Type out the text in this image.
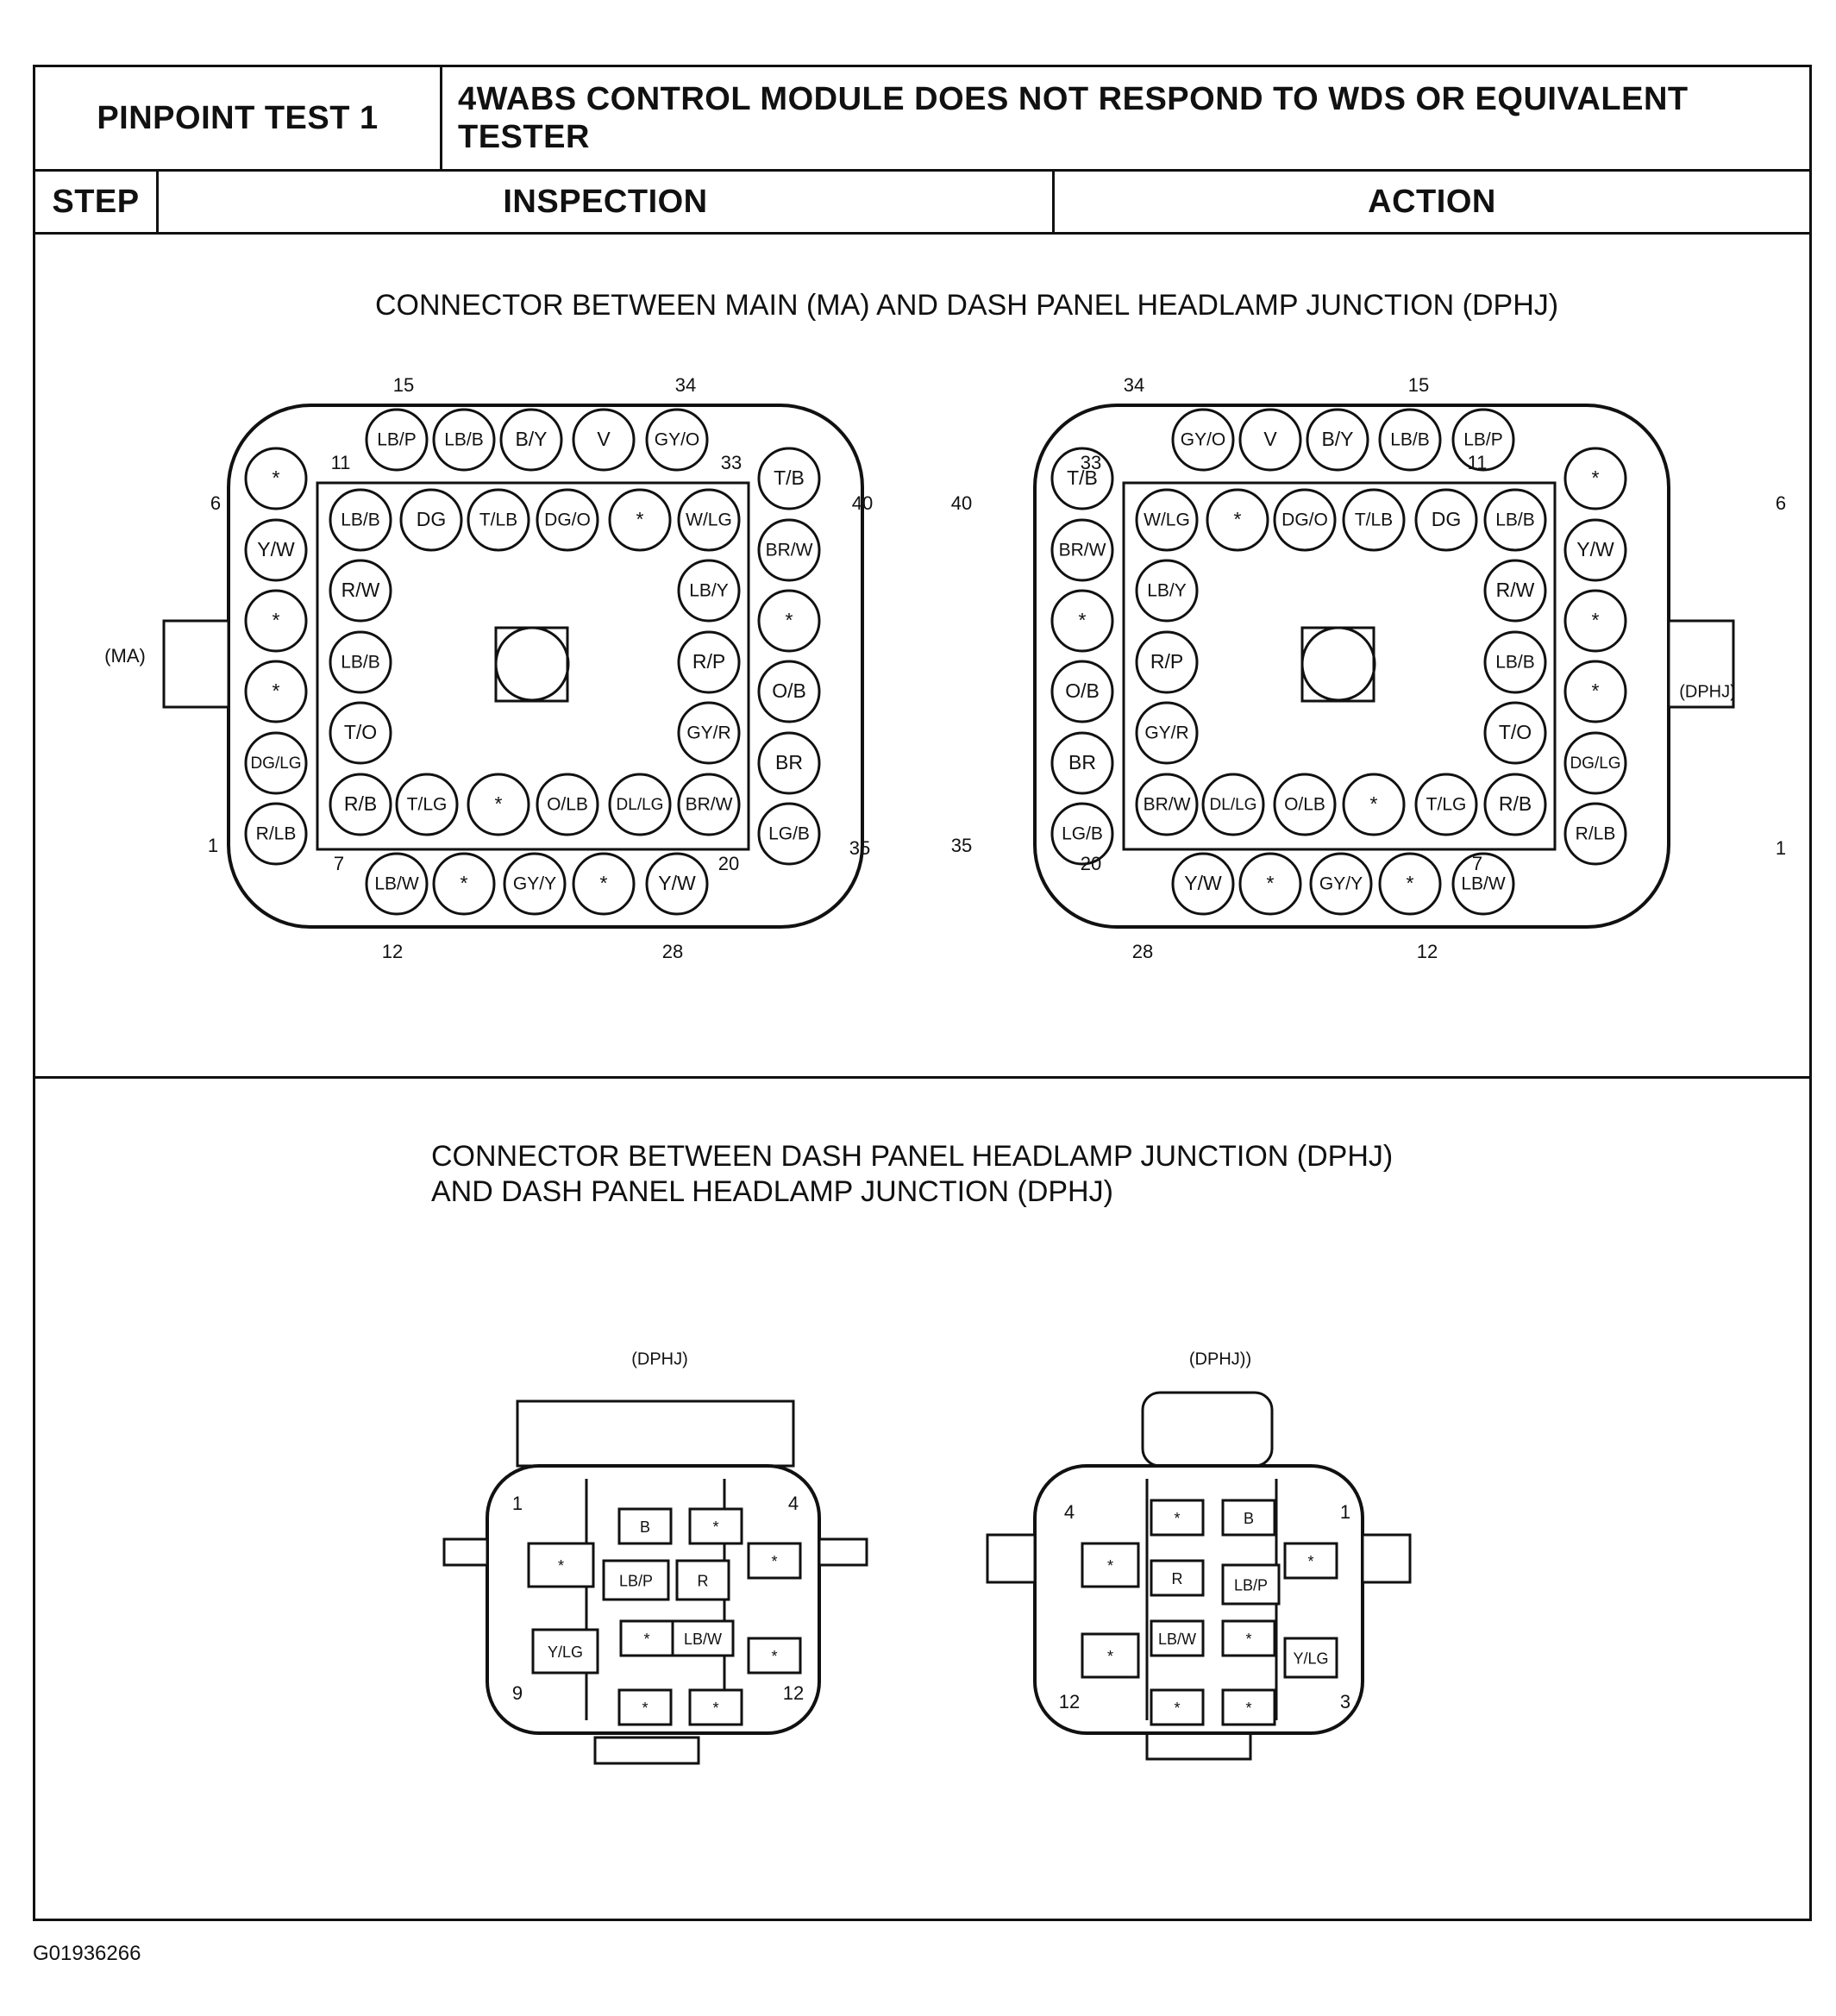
PINPOINT TEST 1
4WABS CONTROL MODULE DOES NOT RESPOND TO WDS OR EQUIVALENT
TESTER
STEP	INSPECTION	ACTION
CONNECTOR BETWEEN MAIN (MA) AND DASH PANEL HEADLAMP JUNCTION (DPHJ)
CONNECTOR BETWEEN DASH PANEL HEADLAMP JUNCTION (DPHJ)
AND DASH PANEL HEADLAMP JUNCTION (DPHJ)
LB/P LB/B B/Y	V GY/O
LB/B DG T/LB DG/O * W/LG
R/W
LB/B
T/O
LB/Y
R/P
GY/R
R/B T/LG * O/LB DL/LG BR/W
*
Y/W
*
*
DG/LG
R/LB
T/B
BR/W
*
O/B
BR
LG/B
LB/W * GY/Y *	Y/W
15	34
11	33
6	40
1
7	20
35
12	28
(MA)
GY/O V B/Y LB/B LB/P
W/LG * DG/O T/LB DG LB/B
LB/Y
R/P
GY/R
R/W
LB/B
T/O
BR/W DL/LG O/LB *	T/LG R/B
T/B
BR/W
*
O/B
BR
LG/B
*
Y/W
*
*
DG/LG
R/LB
Y/W * GY/Y *	LB/W
34	15
33	11
40	6
35
20	7
1
28	12
(DPHJ)
B	*
*	*
LB/P	R
Y/LG
* LB/W
*
*	*
1	4
9	12
(DPHJ)
*	B
*	*
R	LB/P
*
LB/W	*
Y/LG
*	*
4	1
12	3
(DPHJ))
G01936266
